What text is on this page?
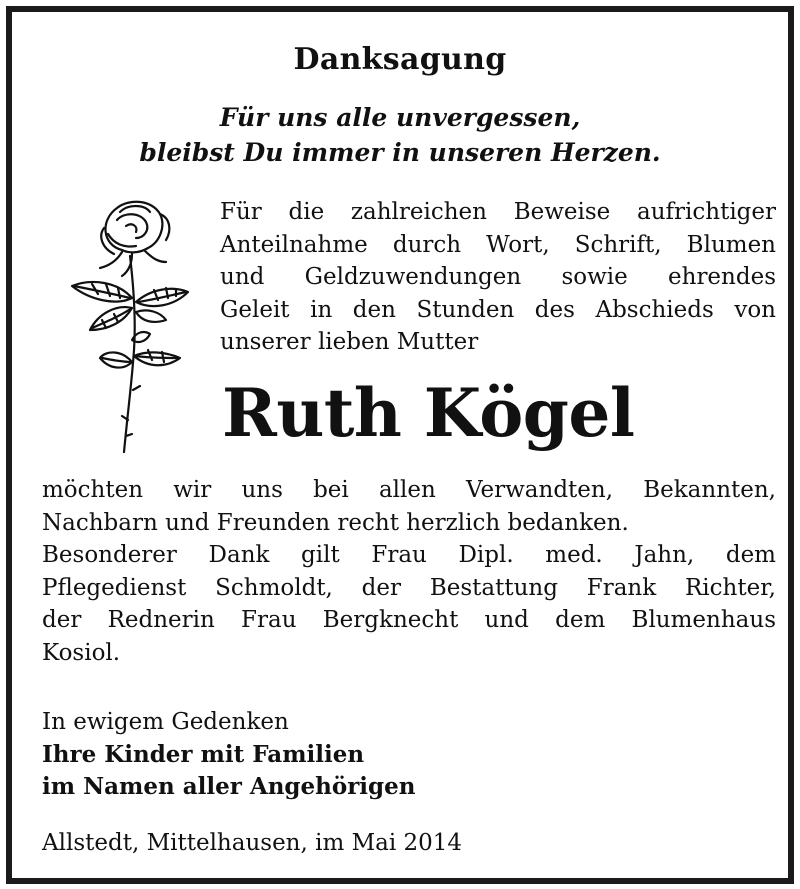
Danksagung
Für uns alle unvergessen,
bleibst Du immer in unseren Herzen.
Für die zahlreichen Beweise aufrichtiger
Anteilnahme durch Wort, Schrift, Blumen
und Geldzuwendungen sowie ehrendes
Geleit in den Stunden des Abschieds von
unserer lieben Mutter
Ruth Kögel
möchten wir uns bei allen Verwandten, Bekannten,
Nachbarn und Freunden recht herzlich bedanken.
Besonderer Dank gilt Frau Dipl. med. Jahn, dem
Pflegedienst Schmoldt, der Bestattung Frank Richter,
der Rednerin Frau Bergknecht und dem Blumenhaus
Kosiol.
In ewigem Gedenken
Ihre Kinder mit Familien
im Namen aller Angehörigen
Allstedt, Mittelhausen, im Mai 2014
